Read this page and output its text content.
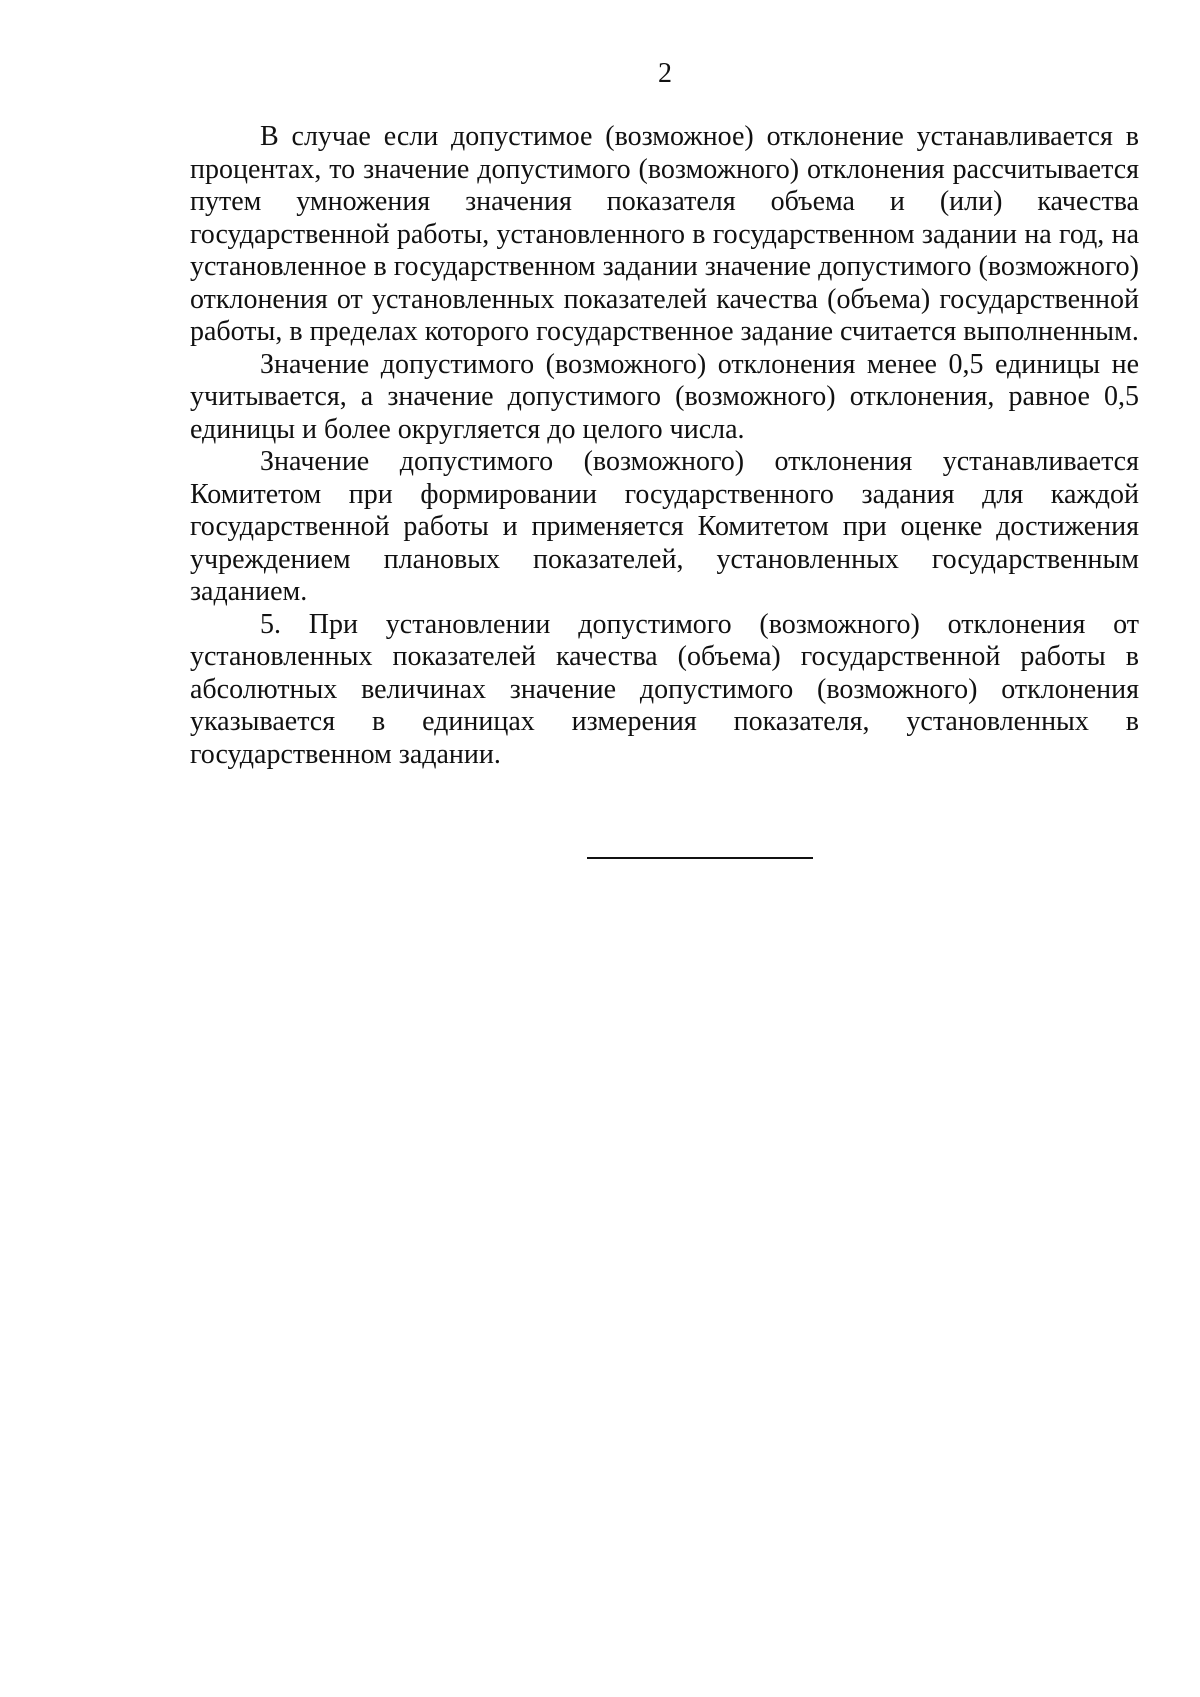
2

В случае если допустимое (возможное) отклонение устанавливается в процентах, то значение допустимого (возможного) отклонения рассчитывается путем умножения значения показателя объема и (или) качества государственной работы, установленного в государственном задании на год, на установленное в государственном задании значение допустимого (возможного) отклонения от установленных показателей качества (объема) государственной работы, в пределах которого государственное задание считается выполненным.

Значение допустимого (возможного) отклонения менее 0,5 единицы не учитывается, а значение допустимого (возможного) отклонения, равное 0,5 единицы и более округляется до целого числа.

Значение допустимого (возможного) отклонения устанавливается Комитетом при формировании государственного задания для каждой государственной работы и применяется Комитетом при оценке достижения учреждением плановых показателей, установленных государственным заданием.

5. При установлении допустимого (возможного) отклонения от установленных показателей качества (объема) государственной работы в абсолютных величинах значение допустимого (возможного) отклонения указывается в единицах измерения показателя, установленных в государственном задании.
